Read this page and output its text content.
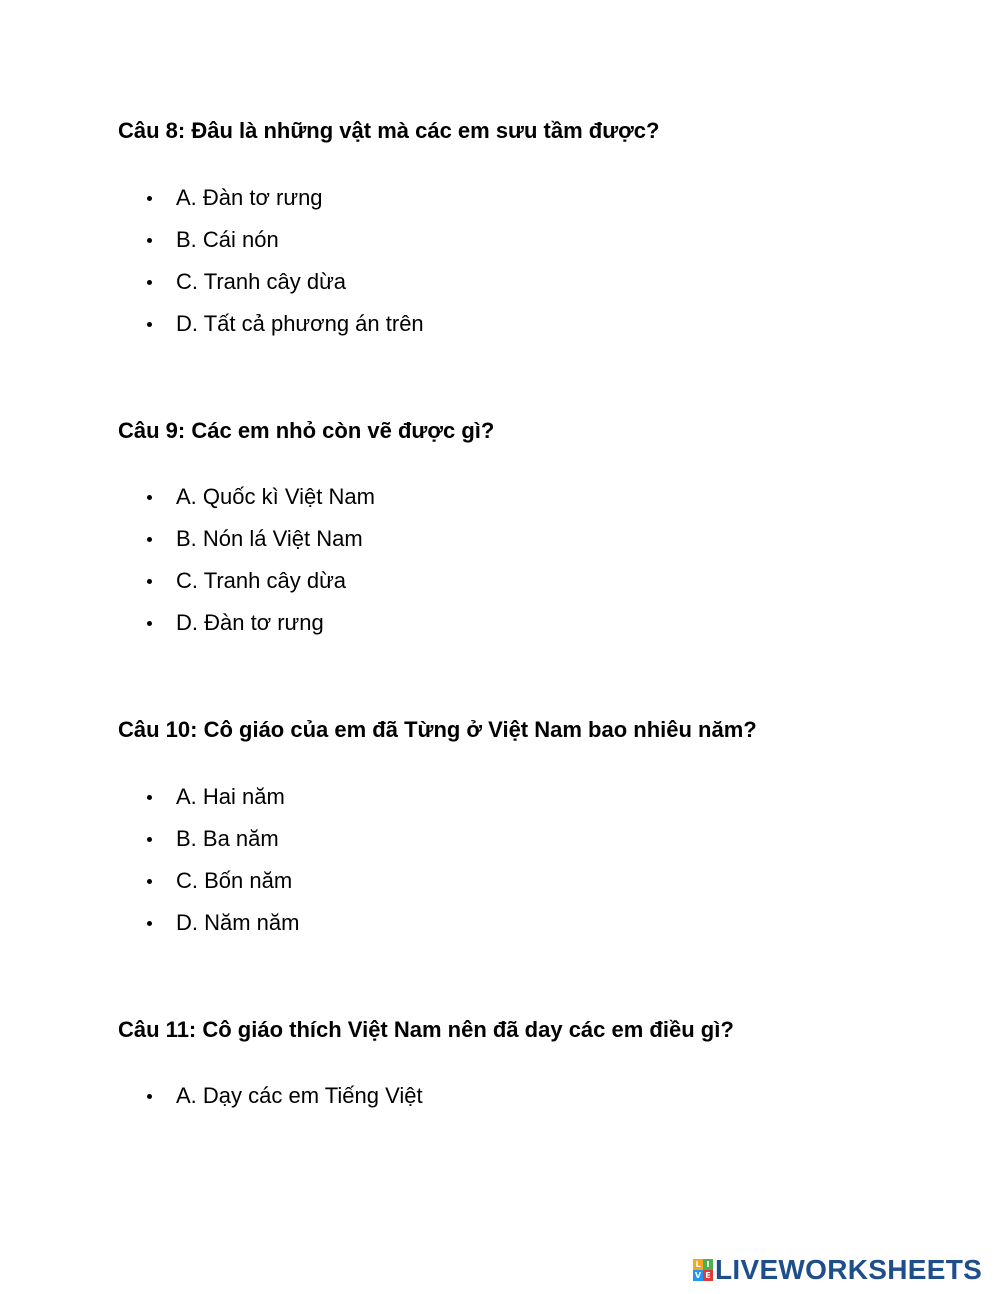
Câu 8: Đâu là những vật mà các em sưu tầm được?

A. Đàn tơ rưng
B. Cái nón
C. Tranh cây dừa
D. Tất cả phương án trên

Câu 9: Các em nhỏ còn vẽ được gì?

A. Quốc kì Việt Nam
B. Nón lá Việt Nam
C. Tranh cây dừa
D. Đàn tơ rưng

Câu 10: Cô giáo của em đã Từng ở Việt Nam bao nhiêu năm?

A. Hai năm
B. Ba năm
C. Bốn năm
D. Năm năm

Câu 11: Cô giáo thích Việt Nam nên đã day các em điều gì?

A. Dạy các em Tiếng Việt
L I
V E LIVEWORKSHEETS
